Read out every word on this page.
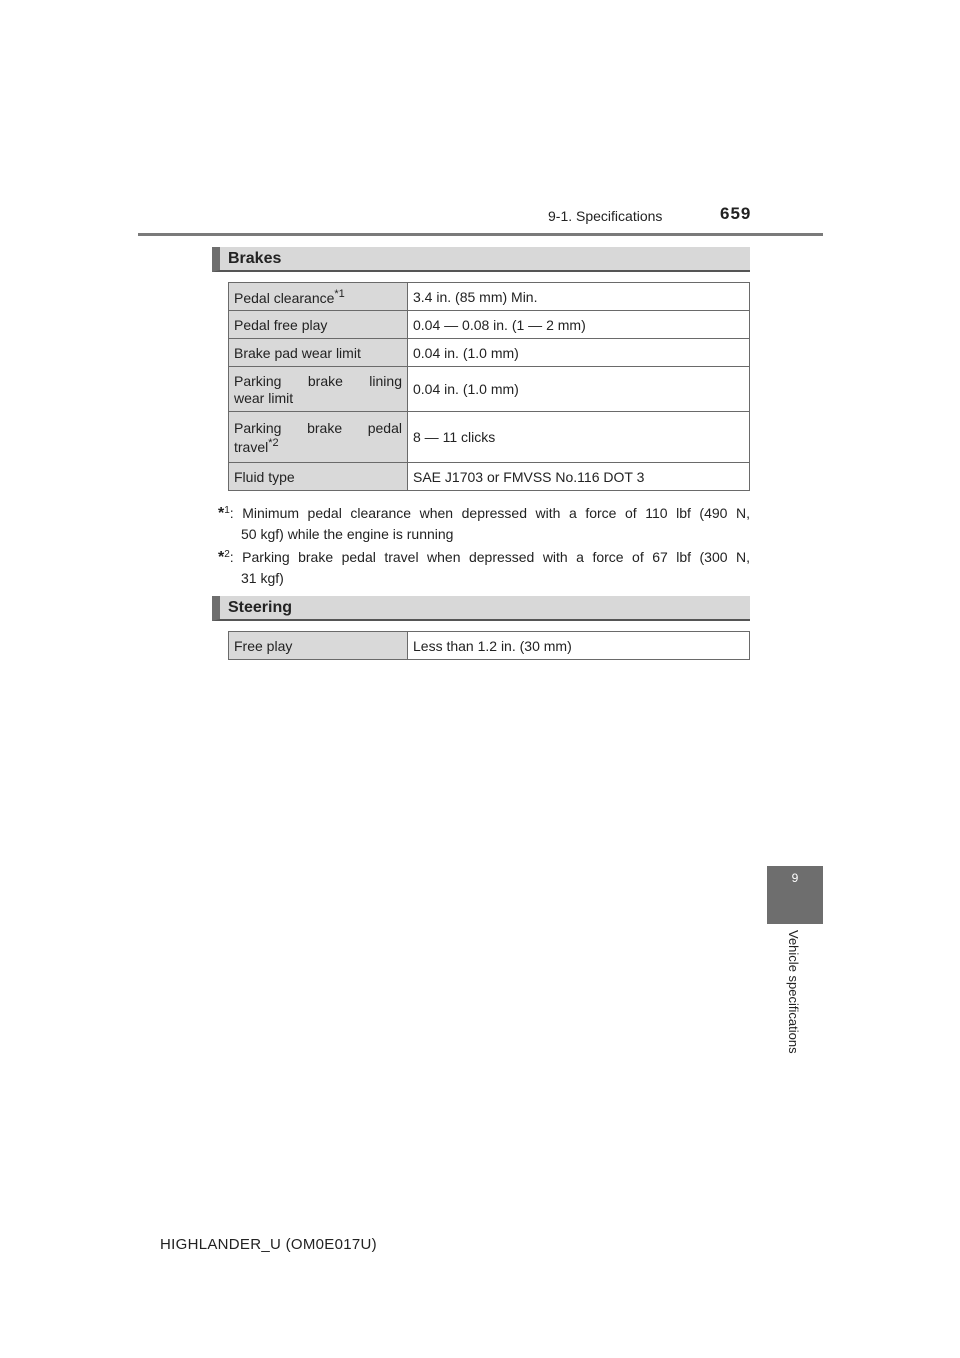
9-1. Specifications	659
Brakes
Pedal clearance$^{*1}$	3.4 in. (85 mm) Min.
Pedal free play	0.04 — 0.08 in. (1 — 2 mm)
Brake pad wear limit	0.04 in. (1.0 mm)

Parking brake lining
wear limit	0.04 in. (1.0 mm)

Parking brake pedal
travel$^{*2}$	8 — 11 clicks
Fluid type	SAE J1703 or FMVSS No.116 DOT 3
*$^1$: Minimum pedal clearance when depressed with a force of 110 lbf (490 N,
50 kgf) while the engine is running
*$^2$: Parking brake pedal travel when depressed with a force of 67 lbf (300 N,
31 kgf)
Steering
Free play	Less than 1.2 in. (30 mm)
9
Vehicle specifications
HIGHLANDER_U (OM0E017U)
